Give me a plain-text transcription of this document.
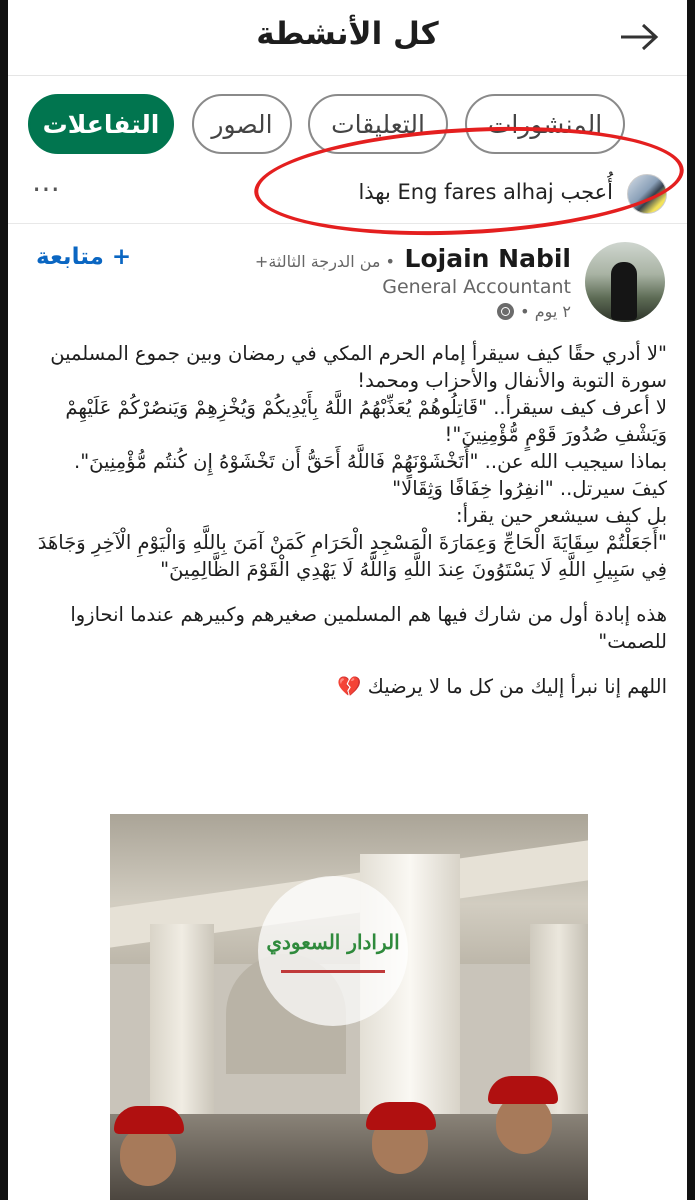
كل الأنشطة
التفاعلات	الصور	التعليقات	المنشورات
أُعجب Eng fares alhaj بهذا
⋯
Lojain Nabil
• من الدرجة الثالثة+
General Accountant
٢ يوم •
+ متابعة

"لا أدري حقًا كيف سيقرأ إمام الحرم المكي في رمضان وبين جموع المسلمين سورة التوبة والأنفال والأحزاب ومحمد!

لا أعرف كيف سيقرأ.. "قَاتِلُوهُمْ يُعَذِّبْهُمُ اللَّهُ بِأَيْدِيكُمْ وَيُخْزِهِمْ وَيَنصُرْكُمْ عَلَيْهِمْ وَيَشْفِ صُدُورَ قَوْمٍ مُّؤْمِنِينَ"!

بماذا سيجيب الله عن.. "أَتَخْشَوْنَهُمْ فَاللَّهُ أَحَقُّ أَن تَخْشَوْهُ إِن كُنتُم مُّؤْمِنِينَ".

كيفَ سيرتل.. "انفِرُوا خِفَافًا وَثِقَالًا"

بل كيف سيشعر حين يقرأ:

"أَجَعَلْتُمْ سِقَايَةَ الْحَاجِّ وَعِمَارَةَ الْمَسْجِدِ الْحَرَامِ كَمَنْ آمَنَ بِاللَّهِ وَالْيَوْمِ الْآخِرِ وَجَاهَدَ فِي سَبِيلِ اللَّهِ لَا يَسْتَوُونَ عِندَ اللَّهِ وَاللَّهُ لَا يَهْدِي الْقَوْمَ الظَّالِمِينَ"

هذه إبادة أول من شارك فيها هم المسلمين صغيرهم وكبيرهم عندما انحازوا للصمت"

اللهم إنا نبرأ إليك من كل ما لا يرضيك 💔

الرادار السعودي
